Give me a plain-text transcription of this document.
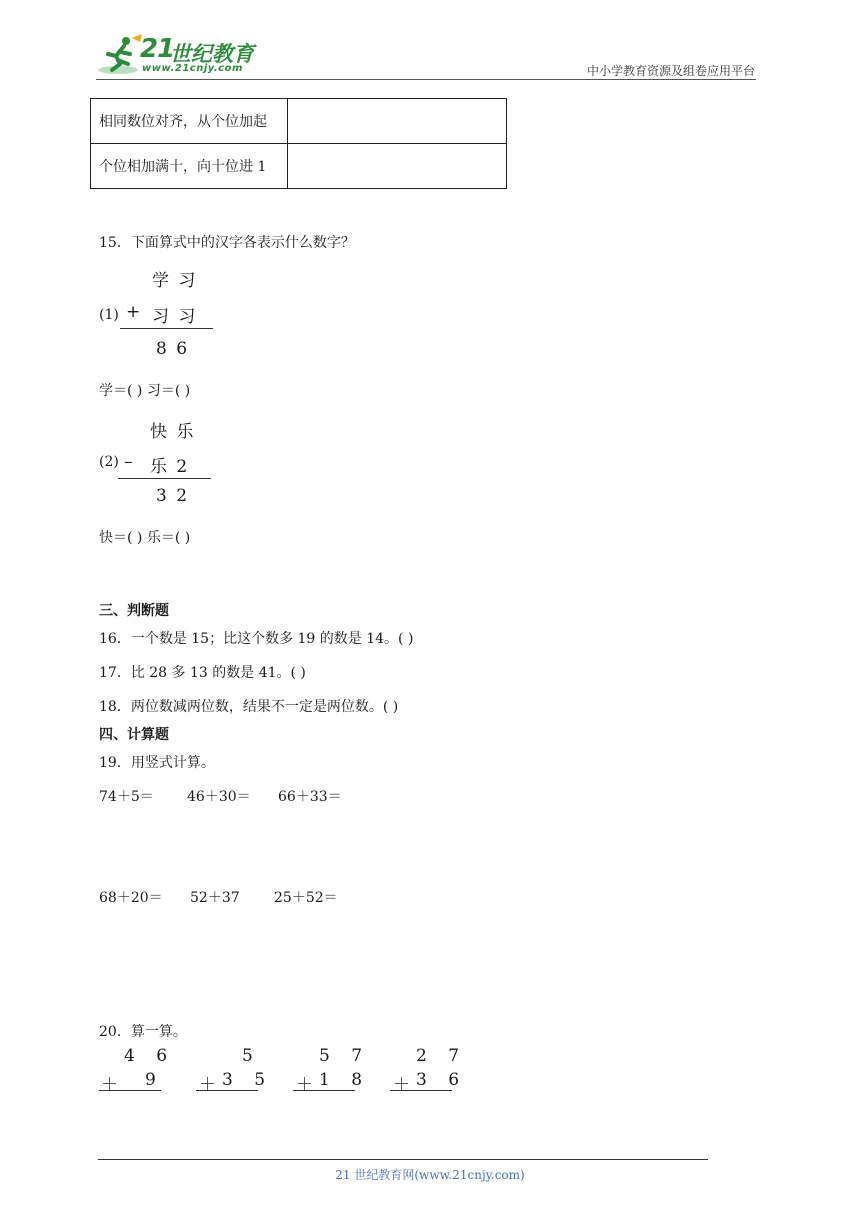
21
世纪教育
www.21cnjy.com	中小学教育资源及组卷应用平台
相同数位对齐，从个位加起	
个位相加满十，向十位进 1	
15．下面算式中的汉字各表示什么数字？
学 习
(1) + 习 习
8 6
学＝( ) 习＝( )
快 乐
(2) – 乐 2
3 2
快＝( ) 乐＝( )
三、判断题
16．一个数是 15；比这个数多 19 的数是 14。( )
17．比 28 多 13 的数是 41。( )
18．两位数减两位数，结果不一定是两位数。( )
四、计算题
19．用竖式计算。
74＋5＝ 46＋30＝ 66＋33＝
68＋20＝ 52＋37 25＋52＝
20．算一算。
4 6
＋ 9
5
＋ 3 5
5 7
＋ 1 8
2 7
＋ 3 6
21 世纪教育网(www.21cnjy.com)
